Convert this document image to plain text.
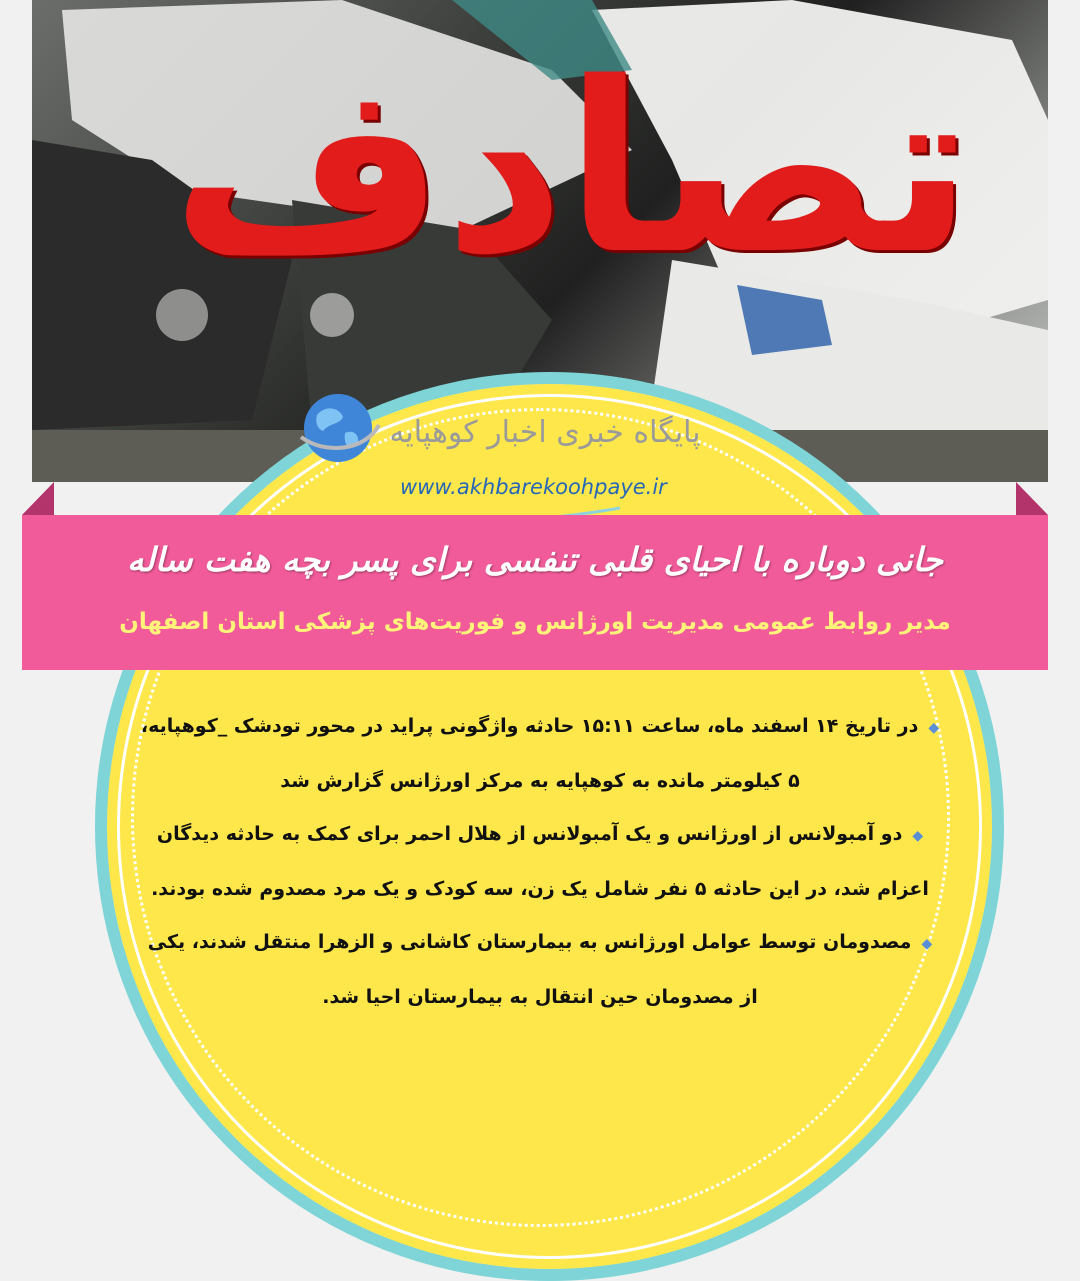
تصادف
پایگاه خبری اخبار کوهپایه
www.akhbarekoohpaye.ir
جانی دوباره با احیای قلبی تنفسی برای پسر بچه هفت ساله
مدیر روابط عمومی مدیریت اورژانس و فوریت‌های پزشکی استان اصفهان

◆در تاریخ ۱۴ اسفند ماه، ساعت ۱۵:۱۱ حادثه واژگونی پراید در محور تودشک _کوهپایه، ۵ کیلومتر مانده به کوهپایه به مرکز اورژانس گزارش شد

◆دو آمبولانس از اورژانس و یک آمبولانس از هلال احمر برای کمک به حادثه دیدگان اعزام شد، در این حادثه ۵ نفر شامل یک زن، سه کودک و یک مرد مصدوم شده بودند.

◆مصدومان توسط عوامل اورژانس به بیمارستان کاشانی و الزهرا منتقل شدند، یکی از مصدومان حین انتقال به بیمارستان احیا شد.
